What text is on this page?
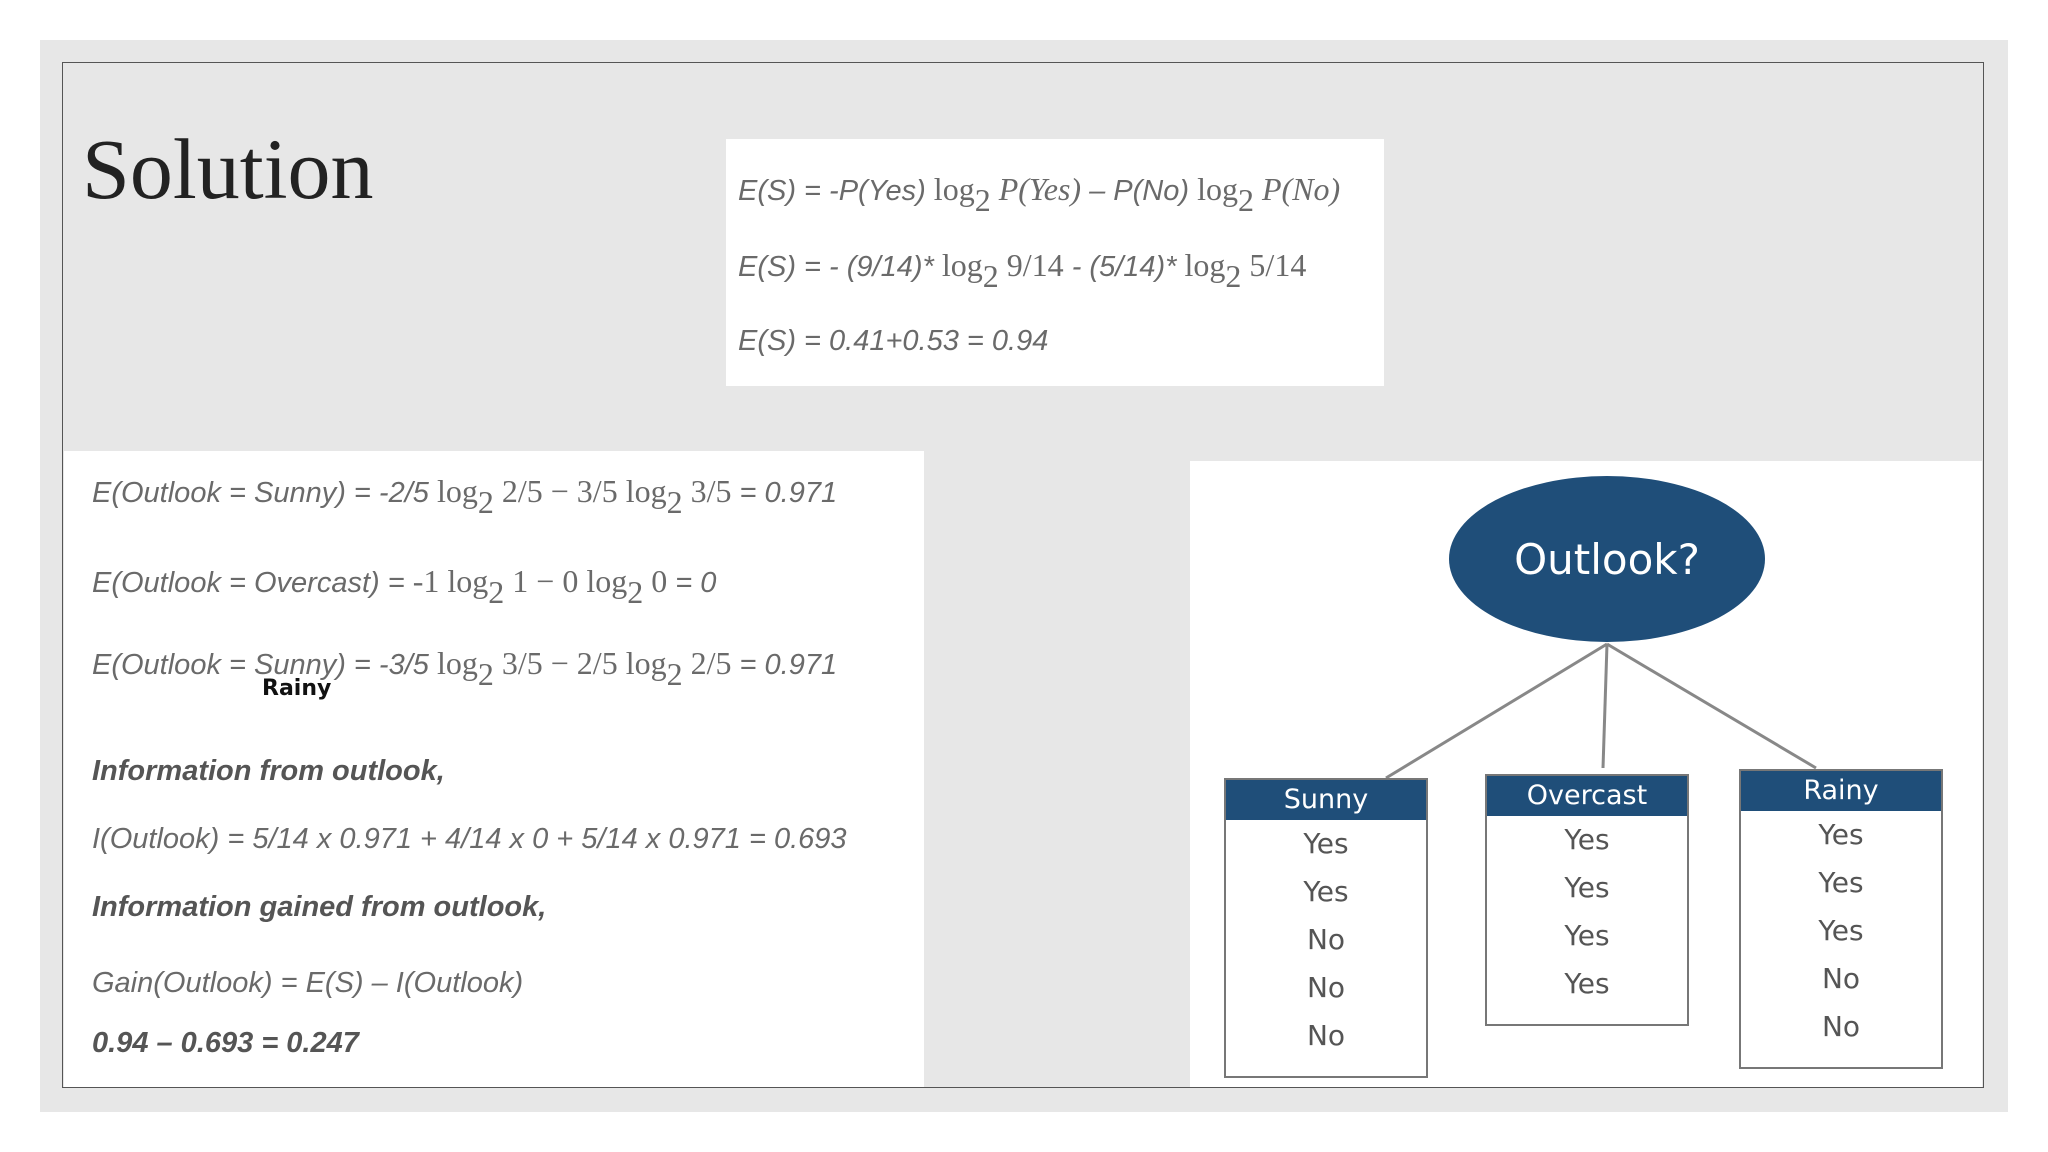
Solution	E(S) = -P(Yes) $\log_2 P(Yes) - P(No)$ $\log_2 P(No)$
E(S) = - (9/14)* $\log_2 9/14 - (5/14)*$ $\log_2 5/14$
E(S) = 0.41+0.53 = 0.94
E(Outlook = Sunny) = -2/5 $\log_2 2/5 - 3/5$ $\log_2 3/5 = 0.971$
E(Outlook = Overcast) = -1 $\log_2 1 - 0$ $\log_2 0 = 0$
E(Outlook = Sunny) = -3/5 $\log_2 3/5 - 2/5$ $\log_2 2/5 = 0.971$
Rainy
Information from outlook,
I(Outlook) = 5/14 x 0.971 + 4/14 x 0 + 5/14 x 0.971 = 0.693
Information gained from outlook,
Gain(Outlook) = E(S) – I(Outlook)
0.94 – 0.693 = 0.247
Outlook?
Sunny
Yes
Yes
No
No
No
Overcast
Yes
Yes
Yes
Yes
Rainy
Yes
Yes
Yes
No
No
